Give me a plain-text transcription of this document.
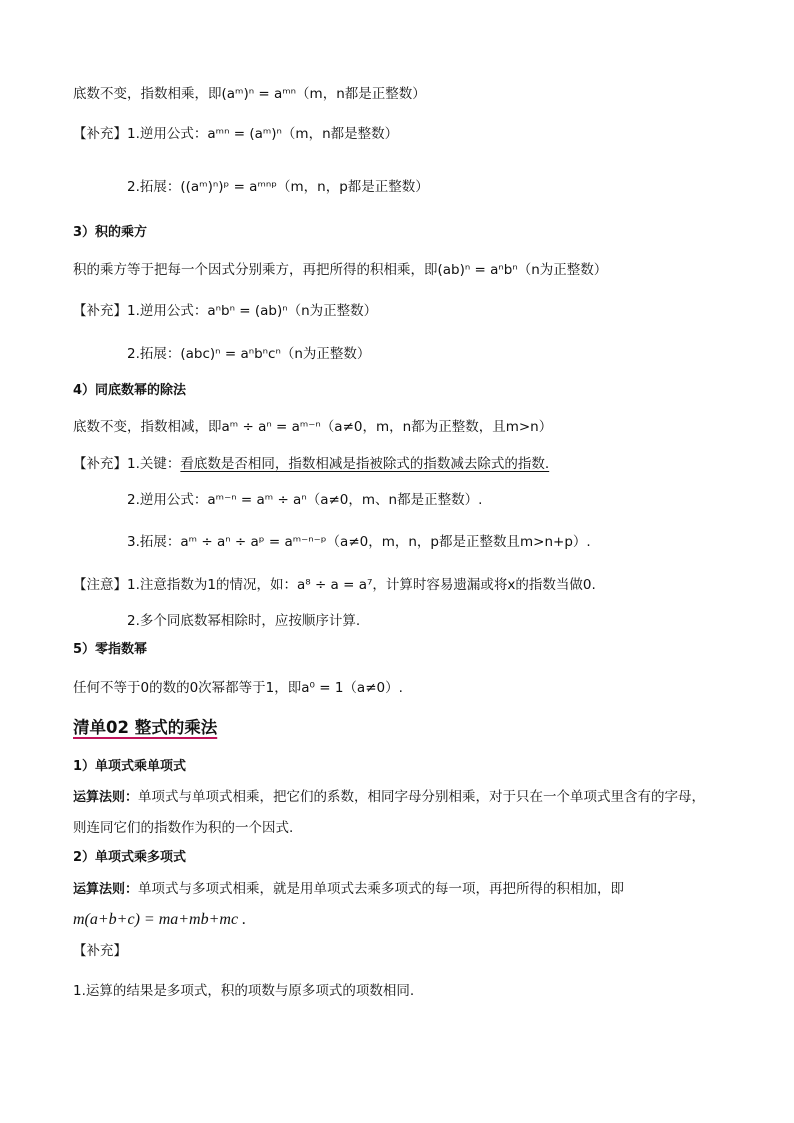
底数不变，指数相乘，即(aᵐ)ⁿ = aᵐⁿ（m，n都是正整数）
【补充】1.逆用公式：aᵐⁿ = (aᵐ)ⁿ（m，n都是整数）
2.拓展：((aᵐ)ⁿ)ᵖ = aᵐⁿᵖ（m，n，p都是正整数）
3）积的乘方
积的乘方等于把每一个因式分别乘方，再把所得的积相乘，即(ab)ⁿ = aⁿbⁿ（n为正整数）
【补充】1.逆用公式：aⁿbⁿ = (ab)ⁿ（n为正整数）
2.拓展：(abc)ⁿ = aⁿbⁿcⁿ（n为正整数）
4）同底数幂的除法
底数不变，指数相减，即aᵐ ÷ aⁿ = aᵐ⁻ⁿ（a≠0，m，n都为正整数，且m>n）
【补充】1.关键：看底数是否相同，指数相减是指被除式的指数减去除式的指数.
2.逆用公式：aᵐ⁻ⁿ = aᵐ ÷ aⁿ（a≠0，m、n都是正整数）.
3.拓展：aᵐ ÷ aⁿ ÷ aᵖ = aᵐ⁻ⁿ⁻ᵖ（a≠0，m，n，p都是正整数且m>n+p）.
【注意】1.注意指数为1的情况，如：a⁸ ÷ a = a⁷，计算时容易遗漏或将x的指数当做0.
2.多个同底数幂相除时，应按顺序计算.
5）零指数幂
任何不等于0的数的0次幂都等于1，即a⁰ = 1（a≠0）.
清单02 整式的乘法
1）单项式乘单项式
运算法则：单项式与单项式相乘，把它们的系数，相同字母分别相乘，对于只在一个单项式里含有的字母，
则连同它们的指数作为积的一个因式.
2）单项式乘多项式
运算法则：单项式与多项式相乘，就是用单项式去乘多项式的每一项，再把所得的积相加，即
m(a+b+c) = ma+mb+mc .
【补充】
1.运算的结果是多项式，积的项数与原多项式的项数相同.
